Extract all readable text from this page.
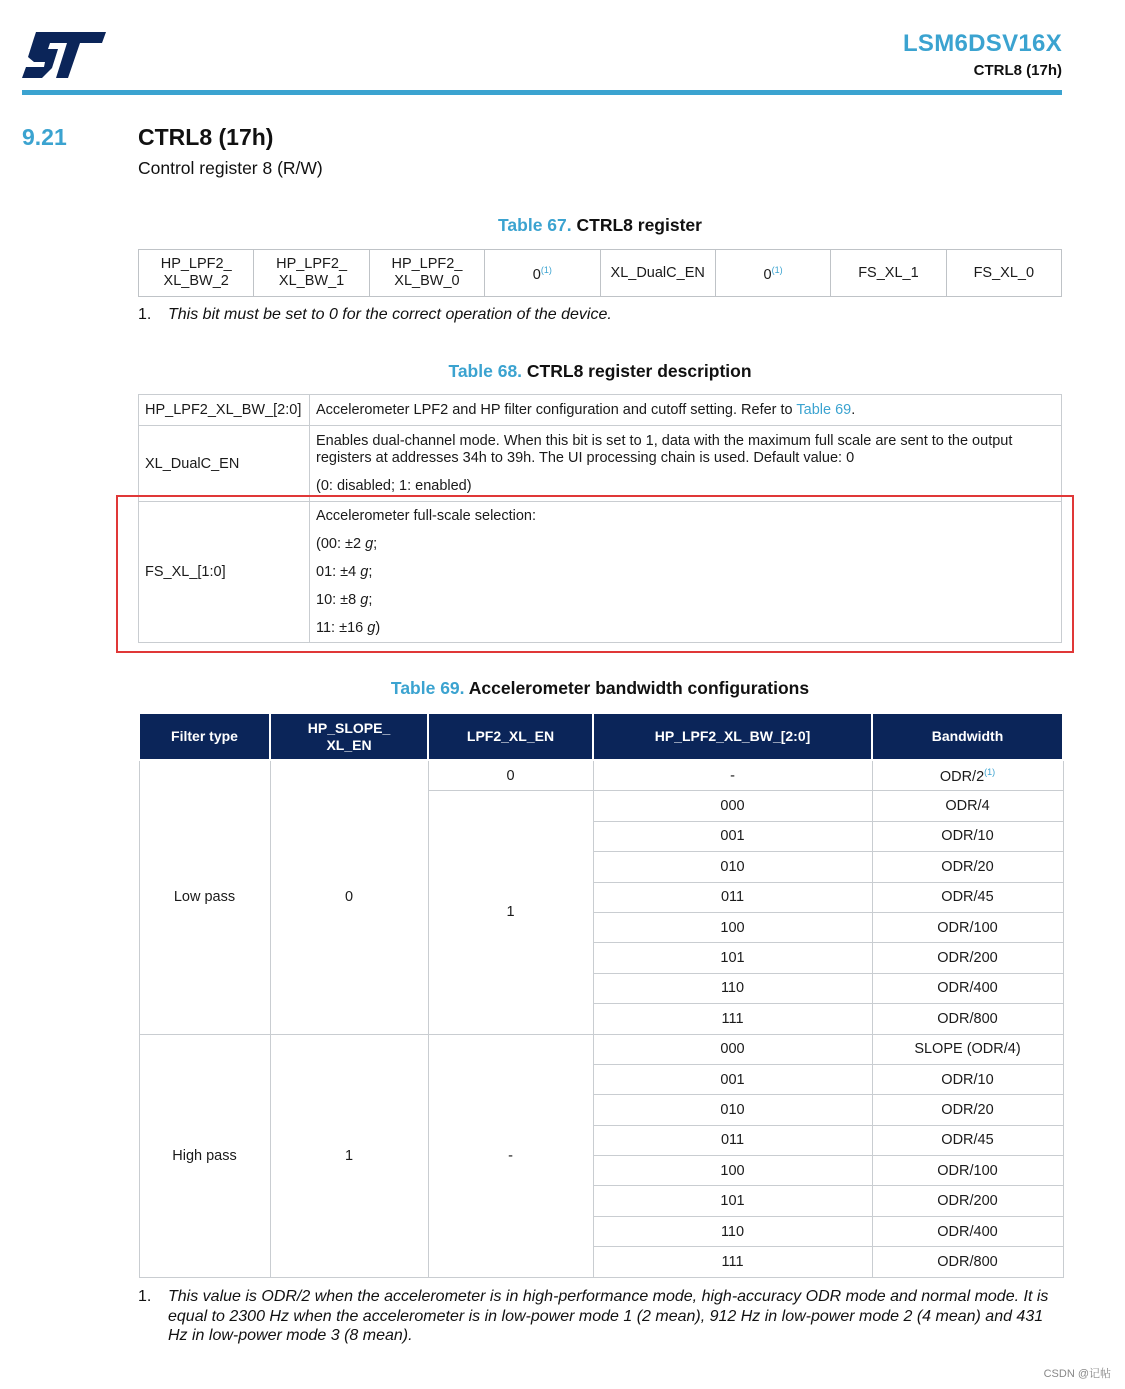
LSM6DSV16X
CTRL8 (17h)
9.21	CTRL8 (17h)
Control register 8 (R/W)
Table 67. CTRL8 register
HP_LPF2_
XL_BW_2	HP_LPF2_
XL_BW_1	HP_LPF2_
XL_BW_0	0$^{(1)}$	XL_DualC_EN	0$^{(1)}$	FS_XL_1	FS_XL_0
1. This bit must be set to 0 for the correct operation of the device.
Table 68. CTRL8 register description
HP_LPF2_XL_BW_[2:0]	Accelerometer LPF2 and HP filter configuration and cutoff setting. Refer to Table 69.
XL_DualC_EN	Enables dual-channel mode. When this bit is set to 1, data with the maximum full scale are sent to the output registers at addresses 34h to 39h. The UI processing chain is used. Default value: 0

(0: disabled; 1: enabled)

FS_XL_[1:0]	Accelerometer full-scale selection:

(00: ±2 g;

01: ±4 g;

10: ±8 g;

11: ±16 g)

Table 69. Accelerometer bandwidth configurations
Filter type	HP_SLOPE_
XL_EN	LPF2_XL_EN	HP_LPF2_XL_BW_[2:0]	Bandwidth
Low pass	0	0	-	ODR/2$^{(1)}$
		1	000	ODR/4
			001	ODR/10
			010	ODR/20
			011	ODR/45
			100	ODR/100
			101	ODR/200
			110	ODR/400
			111	ODR/800
High pass	1	-	000	SLOPE (ODR/4)
			001	ODR/10
			010	ODR/20
			011	ODR/45
			100	ODR/100
			101	ODR/200
			110	ODR/400
			111	ODR/800
1. This value is ODR/2 when the accelerometer is in high-performance mode, high-accuracy ODR mode and normal mode. It is equal to 2300 Hz when the accelerometer is in low-power mode 1 (2 mean), 912 Hz in low-power mode 2 (4 mean) and 431 Hz in low-power mode 3 (8 mean).
CSDN @记帖
